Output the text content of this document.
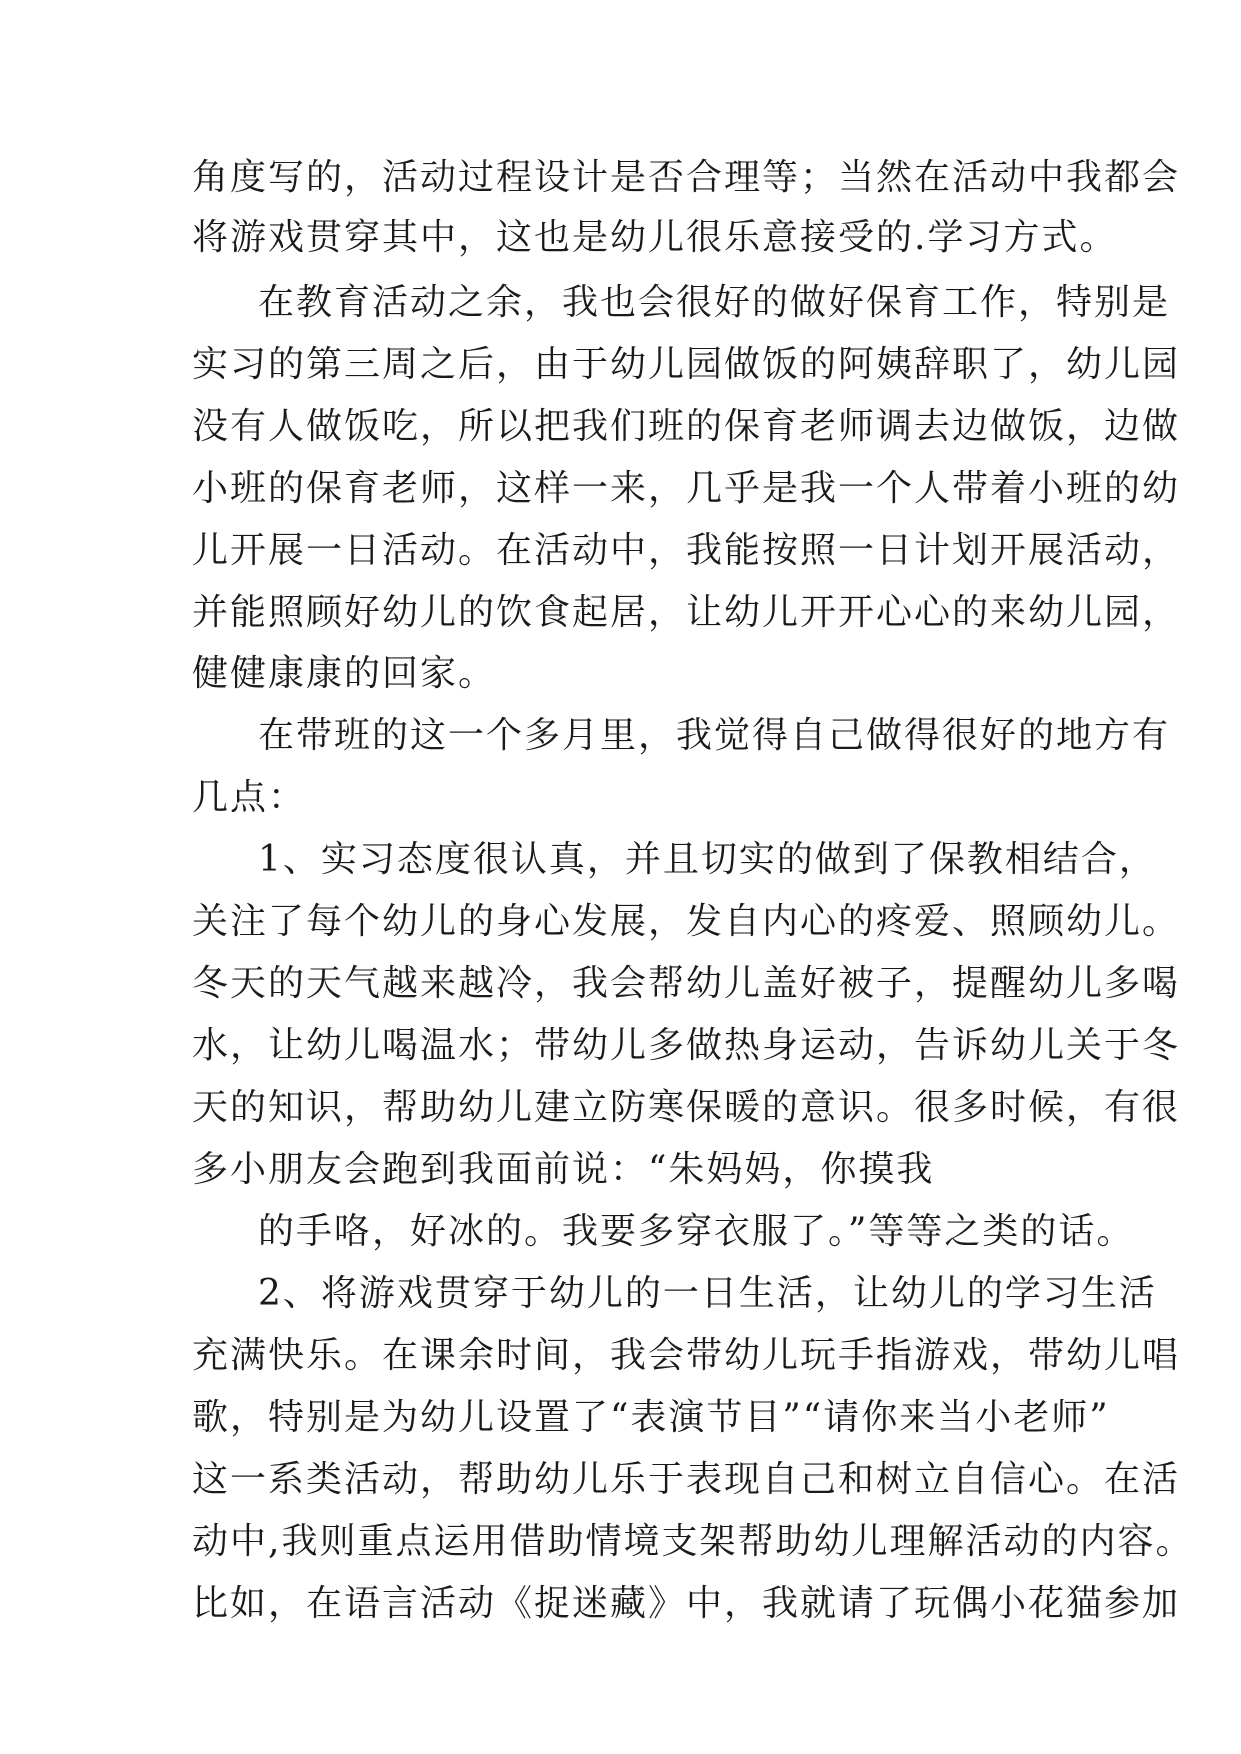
角度写的，活动过程设计是否合理等；当然在活动中我都会
将游戏贯穿其中，这也是幼儿很乐意接受的.学习方式。
在教育活动之余，我也会很好的做好保育工作，特别是
实习的第三周之后，由于幼儿园做饭的阿姨辞职了，幼儿园
没有人做饭吃，所以把我们班的保育老师调去边做饭，边做
小班的保育老师，这样一来，几乎是我一个人带着小班的幼
儿开展一日活动。在活动中，我能按照一日计划开展活动，
并能照顾好幼儿的饮食起居，让幼儿开开心心的来幼儿园，
健健康康的回家。
在带班的这一个多月里，我觉得自己做得很好的地方有
几点：
1、实习态度很认真，并且切实的做到了保教相结合，
关注了每个幼儿的身心发展，发自内心的疼爱、照顾幼儿。
冬天的天气越来越冷，我会帮幼儿盖好被子，提醒幼儿多喝
水，让幼儿喝温水；带幼儿多做热身运动，告诉幼儿关于冬
天的知识，帮助幼儿建立防寒保暖的意识。很多时候，有很
多小朋友会跑到我面前说：“朱妈妈，你摸我
的手咯，好冰的。我要多穿衣服了。”等等之类的话。
2、将游戏贯穿于幼儿的一日生活，让幼儿的学习生活
充满快乐。在课余时间，我会带幼儿玩手指游戏，带幼儿唱
歌，特别是为幼儿设置了“表演节目”“请你来当小老师”
这一系类活动，帮助幼儿乐于表现自己和树立自信心。在活
动中,我则重点运用借助情境支架帮助幼儿理解活动的内容。
比如，在语言活动《捉迷藏》中，我就请了玩偶小花猫参加
